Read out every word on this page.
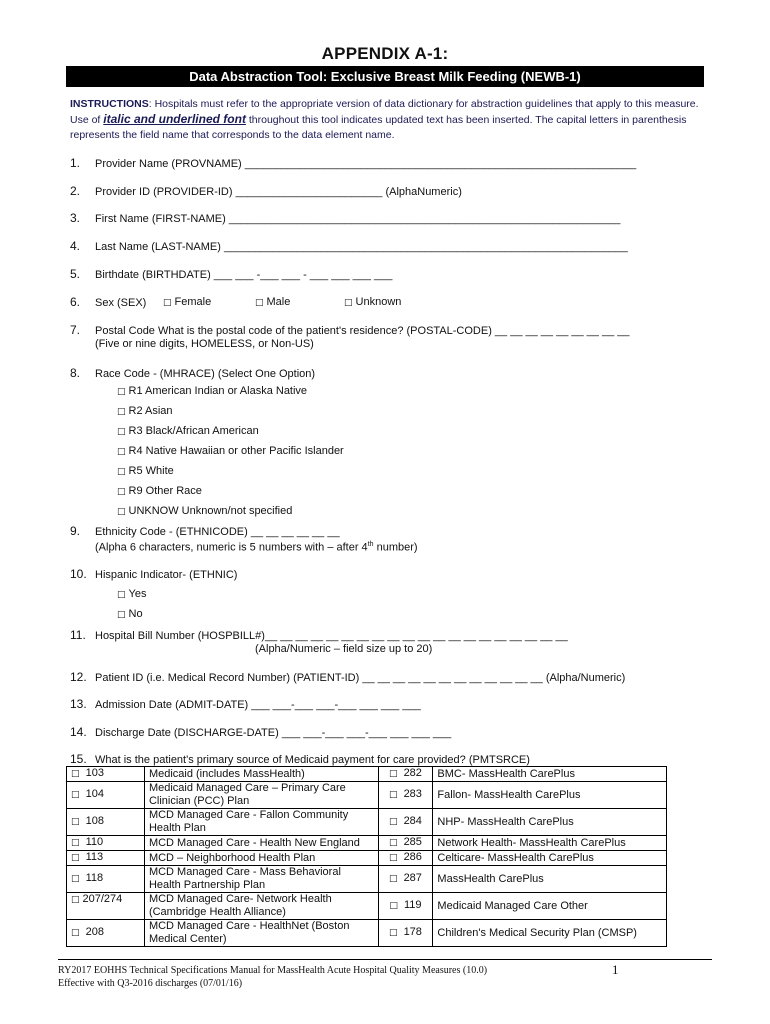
APPENDIX A-1:
Data Abstraction Tool: Exclusive Breast Milk Feeding (NEWB-1)
INSTRUCTIONS: Hospitals must refer to the appropriate version of data dictionary for abstraction guidelines that apply to this measure. Use of italic and underlined font throughout this tool indicates updated text has been inserted. The capital letters in parenthesis represents the field name that corresponds to the data element name.
1. Provider Name (PROVNAME) ________________________________________________________________
2. Provider ID (PROVIDER-ID) ________________________ (AlphaNumeric)
3. First Name (FIRST-NAME) ________________________________________________________________
4. Last Name (LAST-NAME) __________________________________________________________________
5. Birthdate (BIRTHDATE) ___ ___ -___ ___ - ___ ___ ___ ___
6. Sex (SEX) □ Female	□ Male	□ Unknown
7. Postal Code What is the postal code of the patient's residence? (POSTAL-CODE) __ __ __ __ __ __ __ __ __
(Five or nine digits, HOMELESS, or Non-US)
8. Race Code - (MHRACE) (Select One Option)
□ R1 American Indian or Alaska Native
□ R2 Asian
□ R3 Black/African American
□ R4 Native Hawaiian or other Pacific Islander
□ R5 White
□ R9 Other Race
□ UNKNOW Unknown/not specified
9. Ethnicity Code - (ETHNICODE) __ __ __ __ __ __
(Alpha 6 characters, numeric is 5 numbers with – after 4th number)
10. Hispanic Indicator- (ETHNIC)
□ Yes
□ No
11. Hospital Bill Number (HOSPBILL#)__ __ __ __ __ __ __ __ __ __ __ __ __ __ __ __ __ __ __ __
(Alpha/Numeric – field size up to 20)
12. Patient ID (i.e. Medical Record Number) (PATIENT-ID) __ __ __ __ __ __ __ __ __ __ __ __ (Alpha/Numeric)
13. Admission Date (ADMIT-DATE) ___ ___-___ ___-___ ___ ___ ___
14. Discharge Date (DISCHARGE-DATE) ___ ___-___ ___-___ ___ ___ ___
15. What is the patient's primary source of Medicaid payment for care provided? (PMTSRCE)
□ 103	Medicaid (includes MassHealth)	□ 282	BMC- MassHealth CarePlus
□ 104	Medicaid Managed Care – Primary Care Clinician (PCC) Plan	□ 283	Fallon- MassHealth CarePlus
□ 108	MCD Managed Care - Fallon Community Health Plan	□ 284	NHP- MassHealth CarePlus
□ 110	MCD Managed Care - Health New England	□ 285	Network Health- MassHealth CarePlus
□ 113	MCD – Neighborhood Health Plan	□ 286	Celticare- MassHealth CarePlus
□ 118	MCD Managed Care - Mass Behavioral Health Partnership Plan	□ 287	MassHealth CarePlus
□ 207/274	MCD Managed Care- Network Health (Cambridge Health Alliance)	□ 119	Medicaid Managed Care Other
□ 208	MCD Managed Care - HealthNet (Boston Medical Center)	□ 178	Children's Medical Security Plan (CMSP)
RY2017 EOHHS Technical Specifications Manual for MassHealth Acute Hospital Quality Measures (10.0)
Effective with Q3-2016 discharges (07/01/16)
1
